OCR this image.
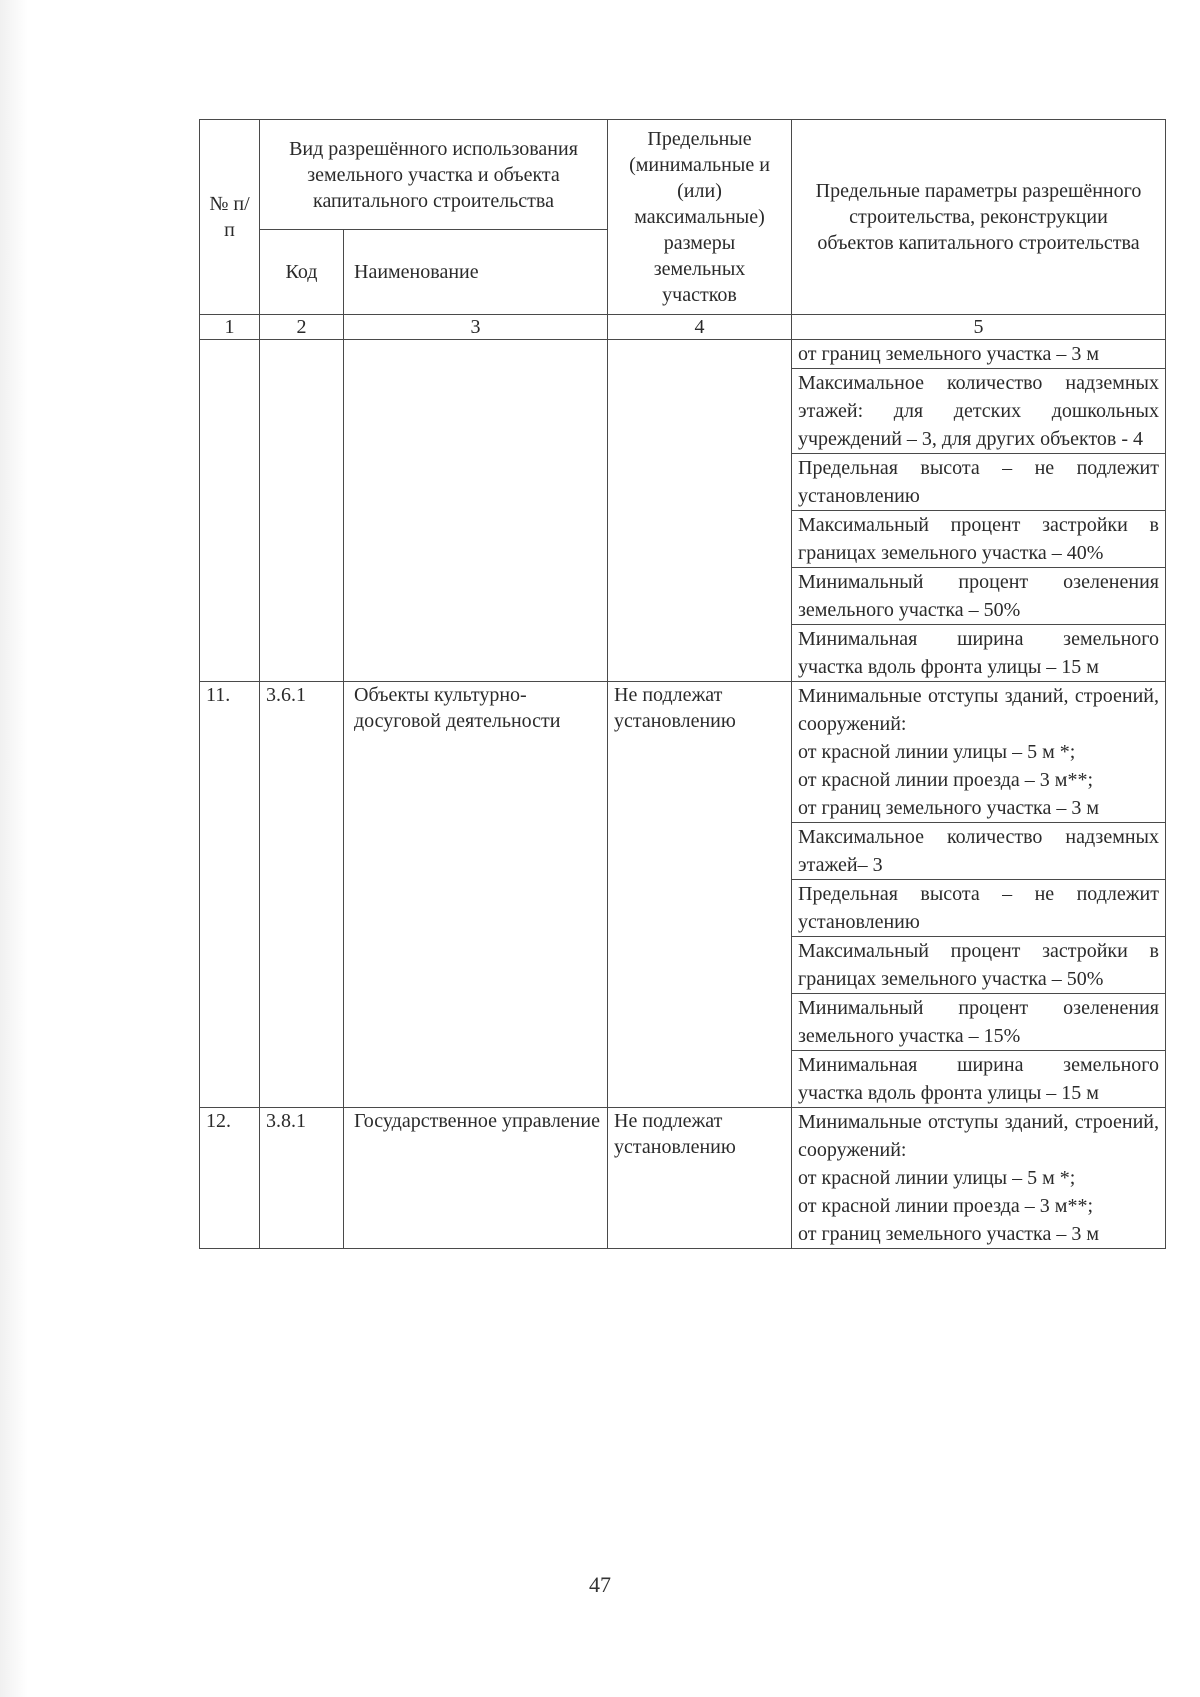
№ п/п	Вид разрешённого использования земельного участка и объекта капитального строительства		Предельные (минимальные и (или) максимальные) размеры земельных участков	Предельные параметры разрешённого строительства, реконструкции объектов капитального строительства
	Код	Наименование		
1	2	3	4	5
				от границ земельного участка – 3 м
				Максимальное количество надземных этажей: для детских дошкольных учреждений – 3, для других объектов - 4
				Предельная высота – не подлежит установлению
				Максимальный процент застройки в границах земельного участка – 40%
				Минимальный процент озеленения земельного участка – 50%
				Минимальная ширина земельного участка вдоль фронта улицы – 15 м
11.	3.6.1	Объекты культурно-досуговой деятельности	Не подлежат установлению	Минимальные отступы зданий, строений, сооружений:
от красной линии улицы – 5 м *;
от красной линии проезда – 3 м**;
от границ земельного участка – 3 м

				Максимальное количество надземных этажей– 3

				Предельная высота – не подлежит установлению

				Максимальный процент застройки в границах земельного участка – 50%

				Минимальный процент озеленения земельного участка – 15%

				Минимальная ширина земельного участка вдоль фронта улицы – 15 м

12.	3.8.1	Государственное управление	Не подлежат установлению	Минимальные отступы зданий, строений, сооружений:
от красной линии улицы – 5 м *;
от красной линии проезда – 3 м**;
от границ земельного участка – 3 м
47
